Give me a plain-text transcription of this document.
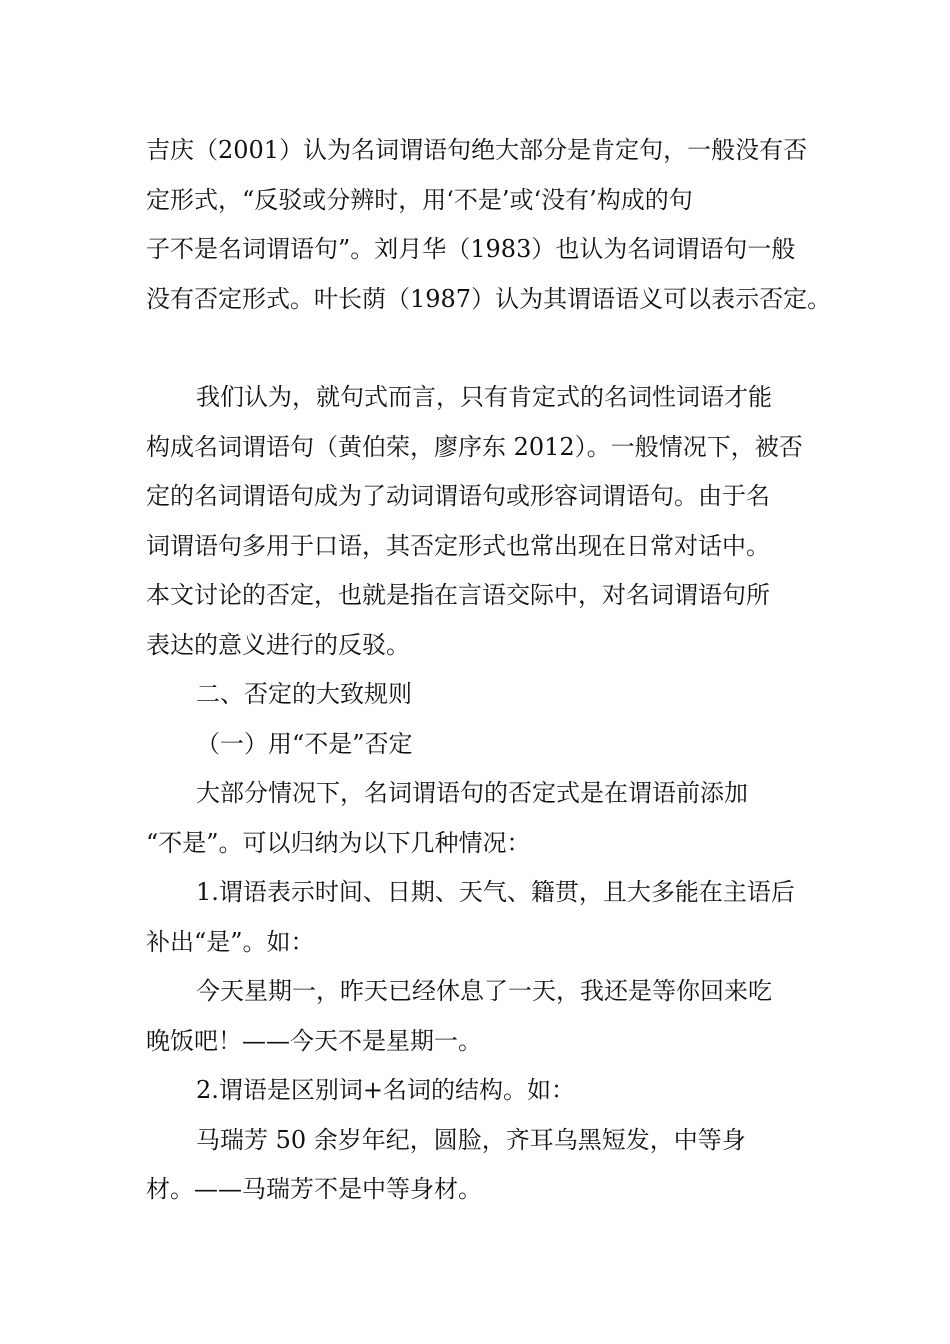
吉庆（2001）认为名词谓语句绝大部分是肯定句，一般没有否
定形式，“反驳或分辨时，用‘不是’或‘没有’构成的句
子不是名词谓语句”。刘月华（1983）也认为名词谓语句一般
没有否定形式。叶长荫（1987）认为其谓语语义可以表示否定。
我们认为，就句式而言，只有肯定式的名词性词语才能
构成名词谓语句（黄伯荣，廖序东 2012）。一般情况下，被否
定的名词谓语句成为了动词谓语句或形容词谓语句。由于名
词谓语句多用于口语，其否定形式也常出现在日常对话中。
本文讨论的否定，也就是指在言语交际中，对名词谓语句所
表达的意义进行的反驳。
二、否定的大致规则
（一）用“不是”否定
大部分情况下，名词谓语句的否定式是在谓语前添加
“不是”。可以归纳为以下几种情况：
1.谓语表示时间、日期、天气、籍贯，且大多能在主语后
补出“是”。如：
今天星期一，昨天已经休息了一天，我还是等你回来吃
晚饭吧！——今天不是星期一。
2.谓语是区别词+名词的结构。如：
马瑞芳 50 余岁年纪，圆脸，齐耳乌黑短发，中等身
材。——马瑞芳不是中等身材。
